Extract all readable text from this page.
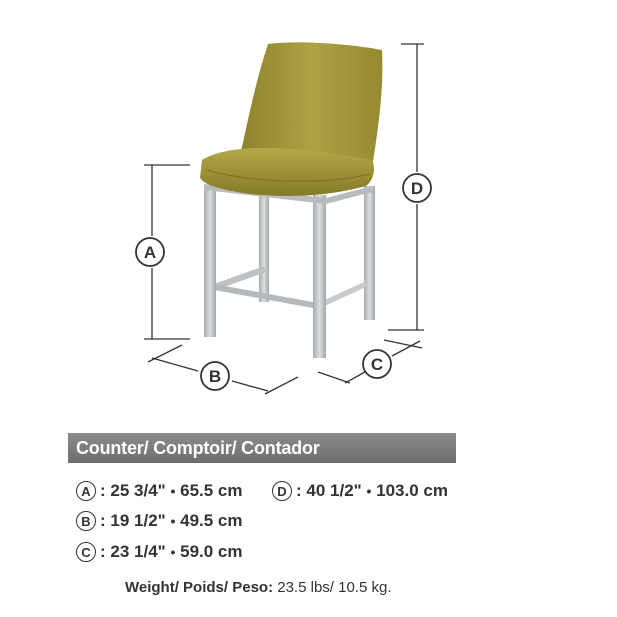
A
D
B
C
Counter/ Comptoir/ Contador
A :
25 3/4"
•
65.5 cm	D :
40 1/2"
•
103.0 cm
B :
19 1/2"
•
49.5 cm
C :
23 1/4"
•
59.0 cm
Weight/ Poids/ Peso: 23.5 lbs/ 10.5 kg.
